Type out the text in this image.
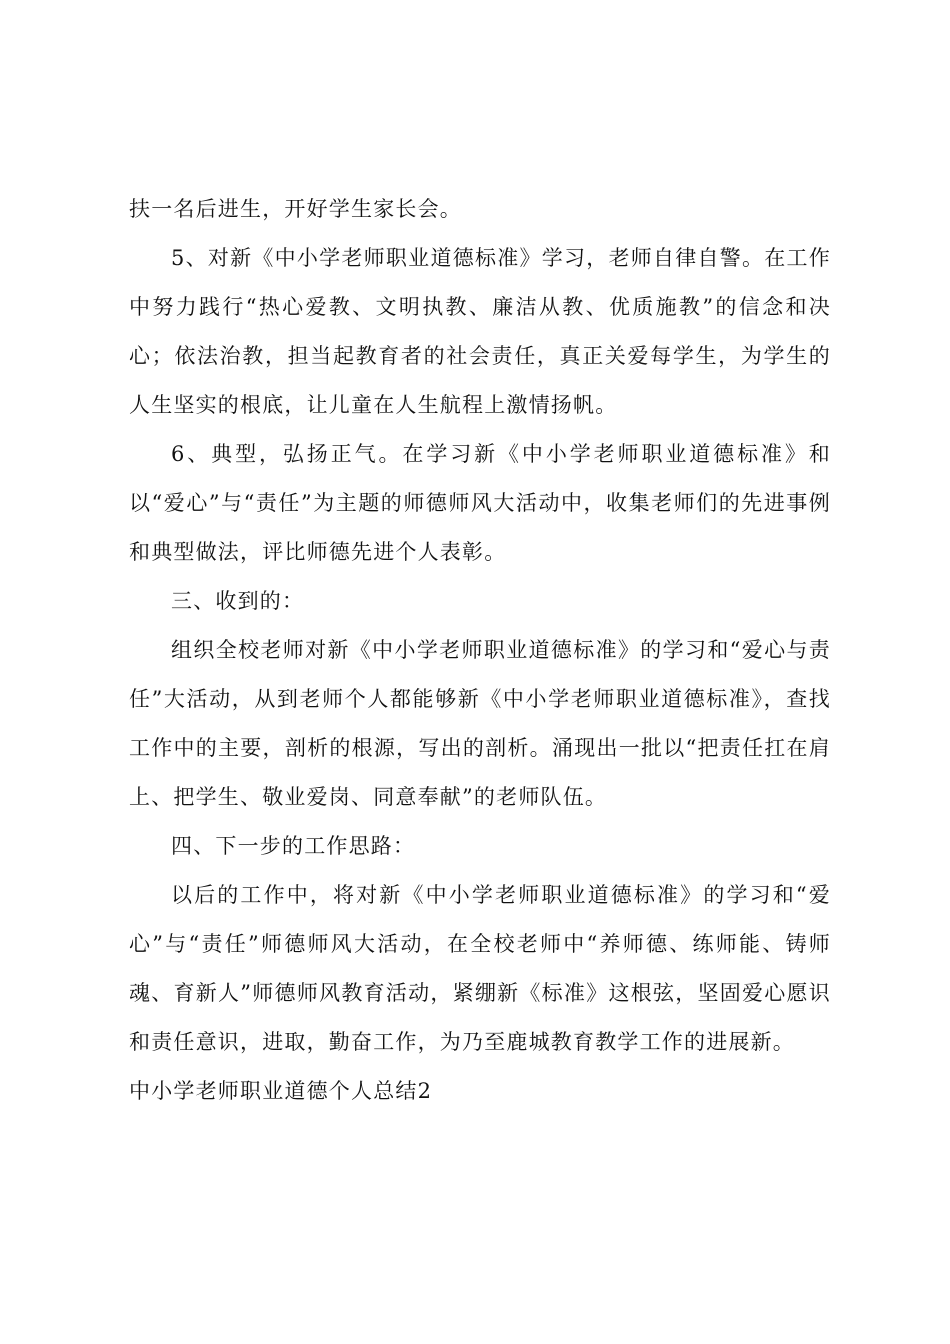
扶一名后进生，开好学生家长会。

5、对新《中小学老师职业道德标准》学习，老师自律自警。在工作中努力践行“热心爱教、文明执教、廉洁从教、优质施教”的信念和决心；依法治教，担当起教育者的社会责任，真正关爱每学生，为学生的人生坚实的根底，让儿童在人生航程上激情扬帆。

6、典型，弘扬正气。在学习新《中小学老师职业道德标准》和以“爱心”与“责任”为主题的师德师风大活动中，收集老师们的先进事例和典型做法，评比师德先进个人表彰。

三、收到的：

组织全校老师对新《中小学老师职业道德标准》的学习和“爱心与责任”大活动，从到老师个人都能够新《中小学老师职业道德标准》，查找工作中的主要，剖析的根源，写出的剖析。涌现出一批以“把责任扛在肩上、把学生、敬业爱岗、同意奉献”的老师队伍。

四、下一步的工作思路：

以后的工作中，将对新《中小学老师职业道德标准》的学习和“爱心”与“责任”师德师风大活动，在全校老师中“养师德、练师能、铸师魂、育新人”师德师风教育活动，紧绷新《标准》这根弦，坚固爱心愿识和责任意识，进取，勤奋工作，为乃至鹿城教育教学工作的进展新。

中小学老师职业道德个人总结2
